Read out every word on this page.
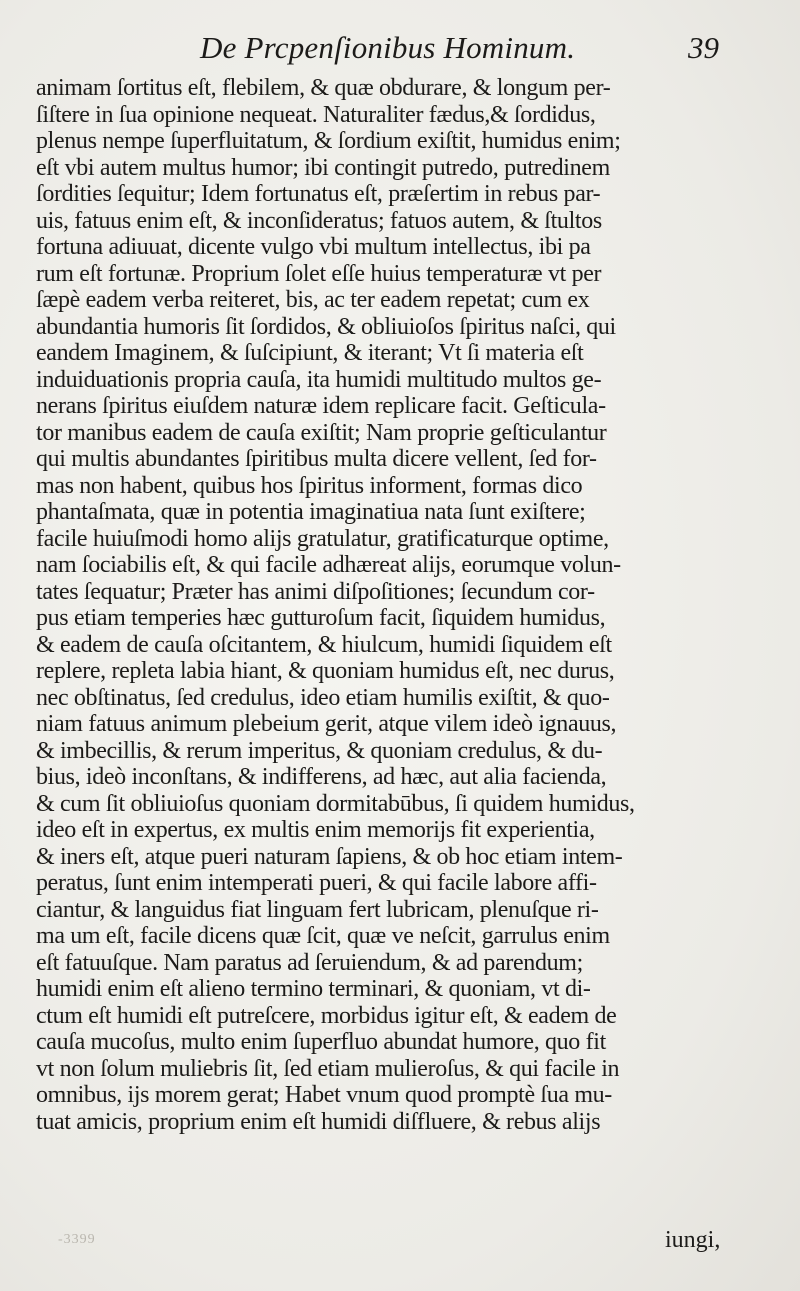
De Prcpenſionibus Hominum.	39
animam ſortitus eſt, flebilem, & quæ obdurare, & longum per-
ſiſtere in ſua opinione nequeat. Naturaliter fædus,& ſordidus,
plenus nempe ſuperfluitatum, & ſordium exiſtit, humidus enim;
eſt vbi autem multus humor; ibi contingit putredo, putredinem
ſordities ſequitur; Idem fortunatus eſt, præſertim in rebus par-
uis, fatuus enim eſt, & inconſideratus; fatuos autem, & ſtultos
fortuna adiuuat, dicente vulgo vbi multum intellectus, ibi pa
rum eſt fortunæ. Proprium ſolet eſſe huius temperaturæ vt per
ſæpè eadem verba reiteret, bis, ac ter eadem repetat; cum ex
abundantia humoris ſit ſordidos, & obliuioſos ſpiritus naſci, qui
eandem Imaginem, & ſuſcipiunt, & iterant; Vt ſi materia eſt
induiduationis propria cauſa, ita humidi multitudo multos ge-
nerans ſpiritus eiuſdem naturæ idem replicare facit. Geſticula-
tor manibus eadem de cauſa exiſtit; Nam proprie geſticulantur
qui multis abundantes ſpiritibus multa dicere vellent, ſed for-
mas non habent, quibus hos ſpiritus informent, formas dico
phantaſmata, quæ in potentia imaginatiua nata ſunt exiſtere;
facile huiuſmodi homo alijs gratulatur, gratificaturque optime,
nam ſociabilis eſt, & qui facile adhæreat alijs, eorumque volun-
tates ſequatur; Præter has animi diſpoſitiones; ſecundum cor-
pus etiam temperies hæc gutturoſum facit, ſiquidem humidus,
& eadem de cauſa oſcitantem, & hiulcum, humidi ſiquidem eſt
replere, repleta labia hiant, & quoniam humidus eſt, nec durus,
nec obſtinatus, ſed credulus, ideo etiam humilis exiſtit, & quo-
niam fatuus animum plebeium gerit, atque vilem ideò ignauus,
& imbecillis, & rerum imperitus, & quoniam credulus, & du-
bius, ideò inconſtans, & indifferens, ad hæc, aut alia facienda,
& cum ſit obliuioſus quoniam dormitabūbus, ſi quidem humidus,
ideo eſt in expertus, ex multis enim memorijs fit experientia,
& iners eſt, atque pueri naturam ſapiens, & ob hoc etiam intem-
peratus, ſunt enim intemperati pueri, & qui facile labore affi-
ciantur, & languidus fiat linguam fert lubricam, plenuſque ri-
ma um eſt, facile dicens quæ ſcit, quæ ve neſcit, garrulus enim
eſt fatuuſque. Nam paratus ad ſeruiendum, & ad parendum;
humidi enim eſt alieno termino terminari, & quoniam, vt di-
ctum eſt humidi eſt putreſcere, morbidus igitur eſt, & eadem de
cauſa mucoſus, multo enim ſuperfluo abundat humore, quo fit
vt non ſolum muliebris ſit, ſed etiam mulieroſus, & qui facile in
omnibus, ijs morem gerat; Habet vnum quod promptè ſua mu-
tuat amicis, proprium enim eſt humidi diſfluere, & rebus alijs
-3399	iungi,
